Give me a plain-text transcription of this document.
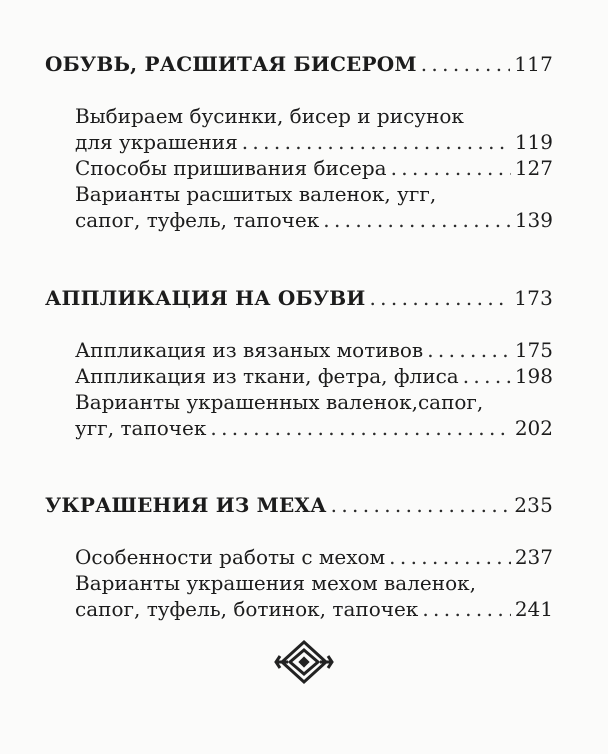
ОБУВЬ, РАСШИТАЯ БИСЕРОМ . . .	117
Выбираем бусинки, бисер и рисунок
для украшения . . .	119
Способы пришивания бисера . . .	127
Варианты расшитых валенок, угг,
сапог, туфель, тапочек . . .	139
АППЛИКАЦИЯ НА ОБУВИ . . .	173
Аппликация из вязаных мотивов . . .	175
Аппликация из ткани, фетра, флиса . . .	198
Варианты украшенных валенок,сапог,
угг, тапочек . . .	202
УКРАШЕНИЯ ИЗ МЕХА . . .	235
Особенности работы с мехом . . .	237
Варианты украшения мехом валенок,
сапог, туфель, ботинок, тапочек . . .	241
